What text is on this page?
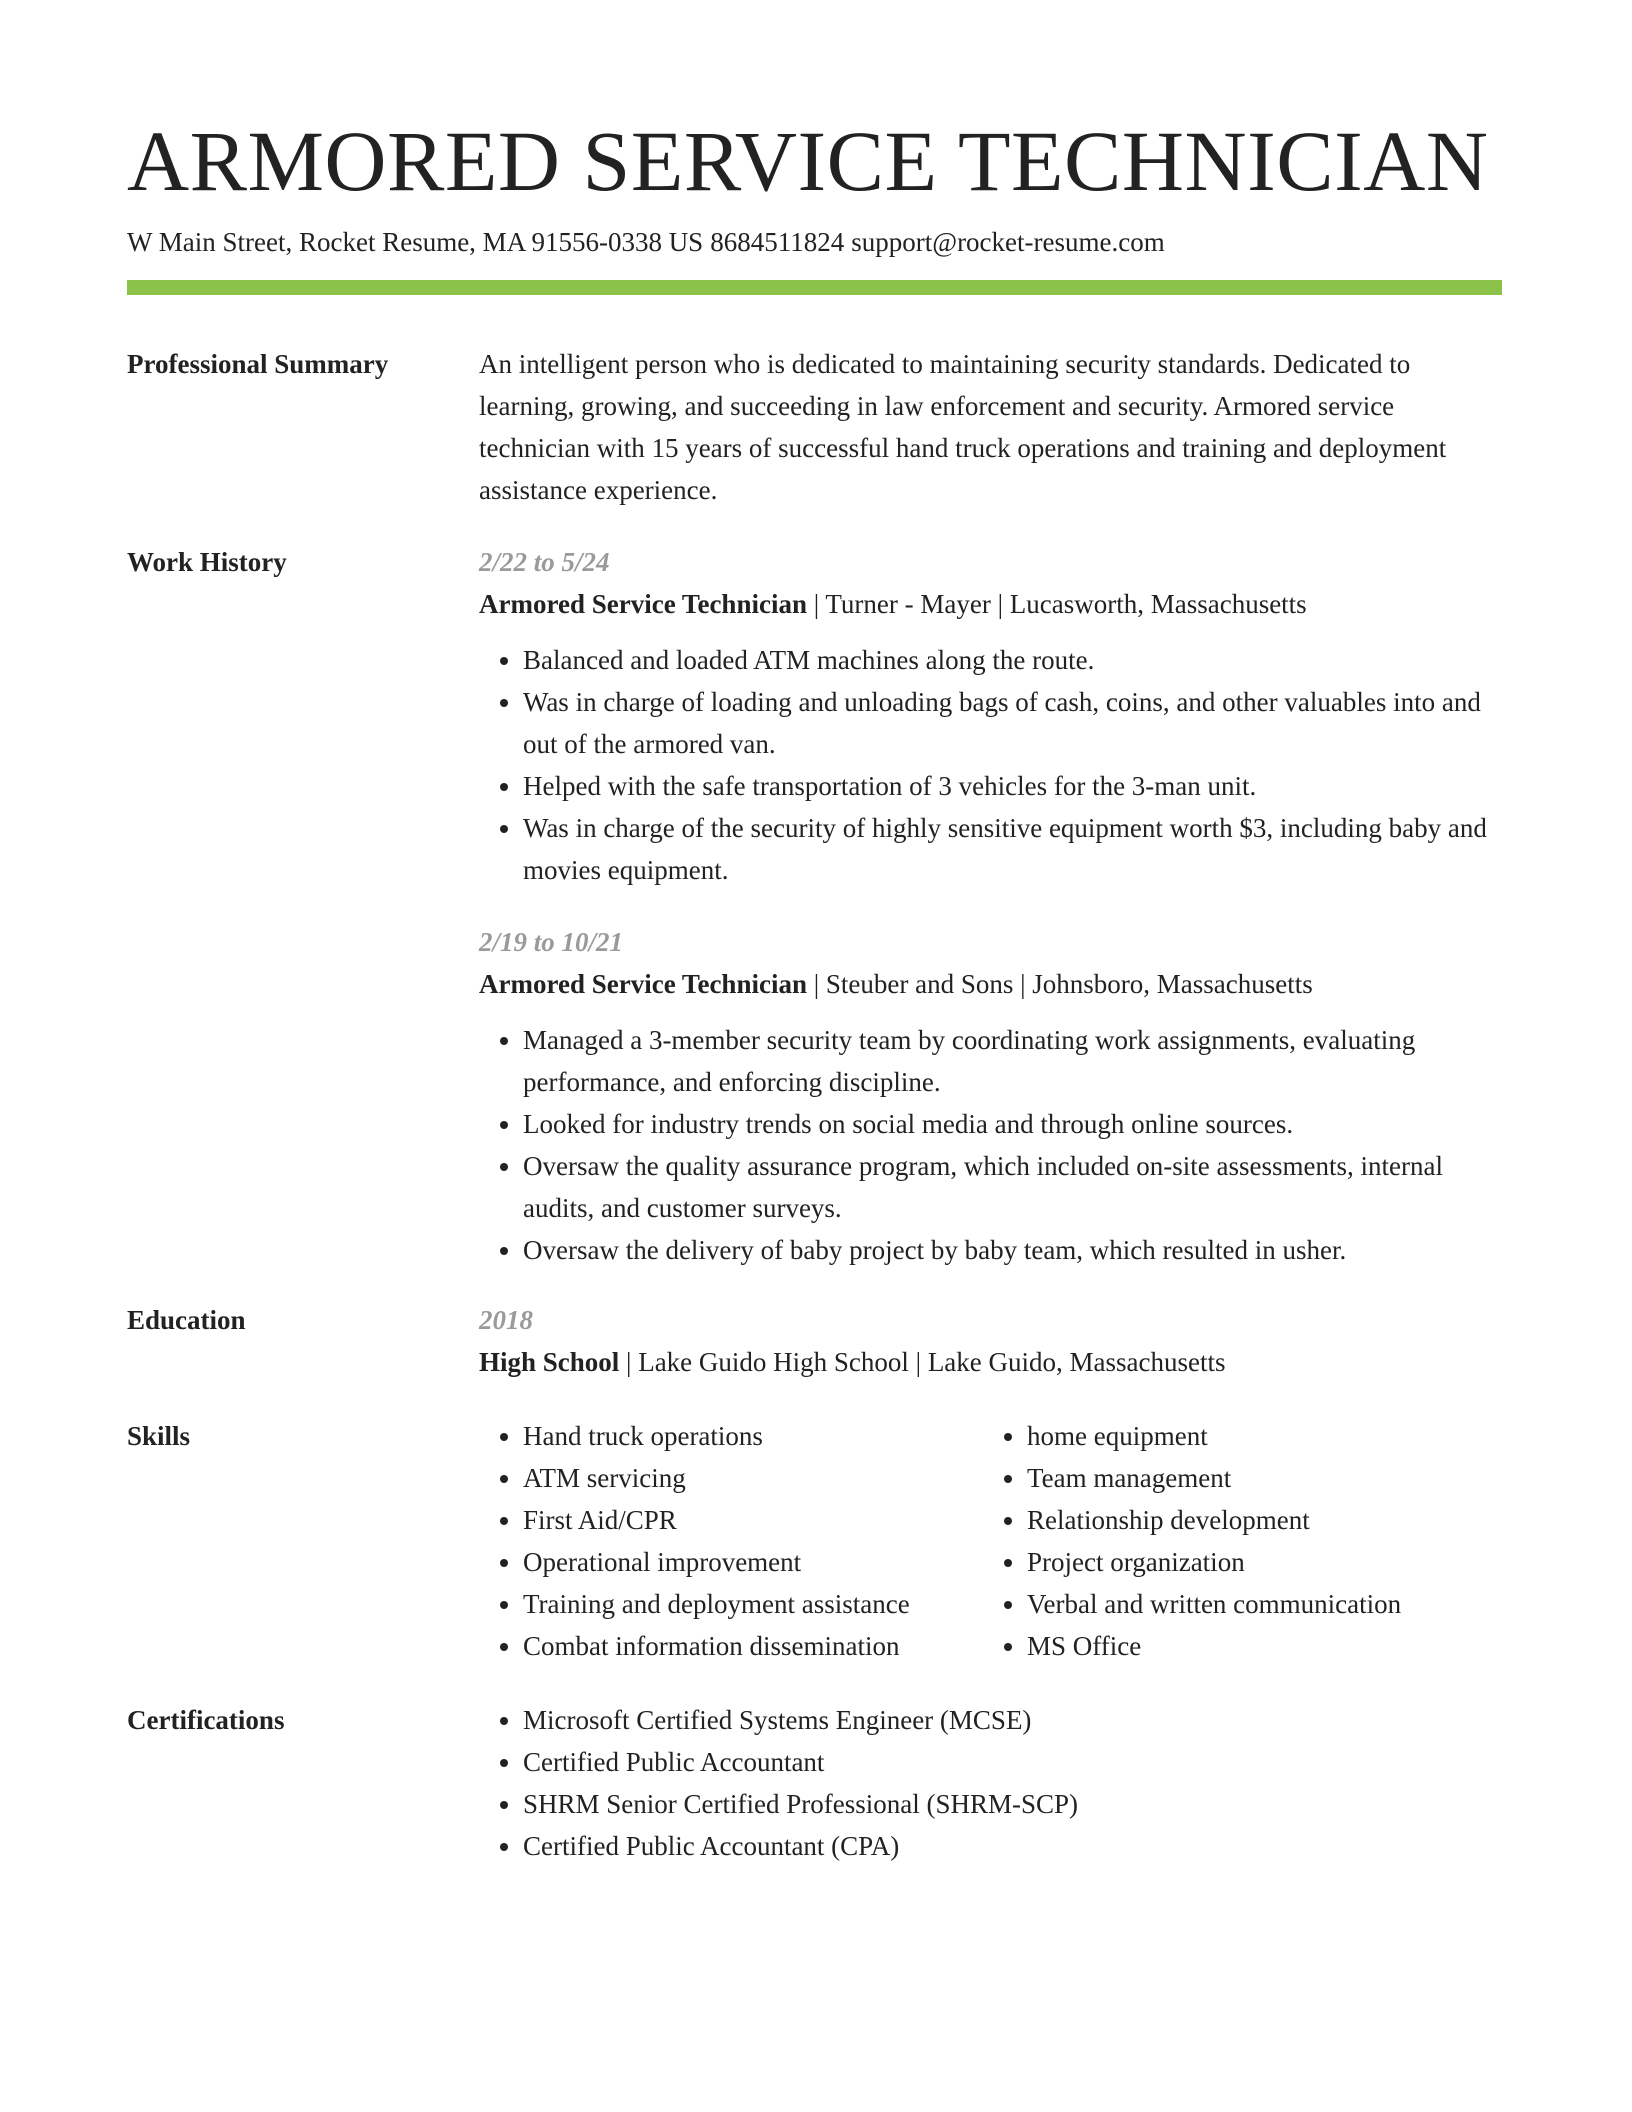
ARMORED SERVICE TECHNICIAN
W Main Street, Rocket Resume, MA 91556-0338 US 8684511824 support@rocket-resume.com
Professional Summary	An intelligent person who is dedicated to maintaining security standards. Dedicated to learning, growing, and succeeding in law enforcement and security. Armored service technician with 15 years of successful hand truck operations and training and deployment assistance experience.
Work History	2/22 to 5/24
Armored Service Technician | Turner - Mayer | Lucasworth, Massachusetts
• Balanced and loaded ATM machines along the route.
• Was in charge of loading and unloading bags of cash, coins, and other valuables into and out of the armored van.
• Helped with the safe transportation of 3 vehicles for the 3-man unit.
• Was in charge of the security of highly sensitive equipment worth $3, including baby and movies equipment.
2/19 to 10/21
Armored Service Technician | Steuber and Sons | Johnsboro, Massachusetts
• Managed a 3-member security team by coordinating work assignments, evaluating performance, and enforcing discipline.
• Looked for industry trends on social media and through online sources.
• Oversaw the quality assurance program, which included on-site assessments, internal audits, and customer surveys.
• Oversaw the delivery of baby project by baby team, which resulted in usher.
Education	2018
High School | Lake Guido High School | Lake Guido, Massachusetts
Skills	• Hand truck operations
• ATM servicing
• First Aid/CPR
• Operational improvement
• Training and deployment assistance
• Combat information dissemination
• home equipment
• Team management
• Relationship development
• Project organization
• Verbal and written communication
• MS Office
Certifications	• Microsoft Certified Systems Engineer (MCSE)
• Certified Public Accountant
• SHRM Senior Certified Professional (SHRM-SCP)
• Certified Public Accountant (CPA)
